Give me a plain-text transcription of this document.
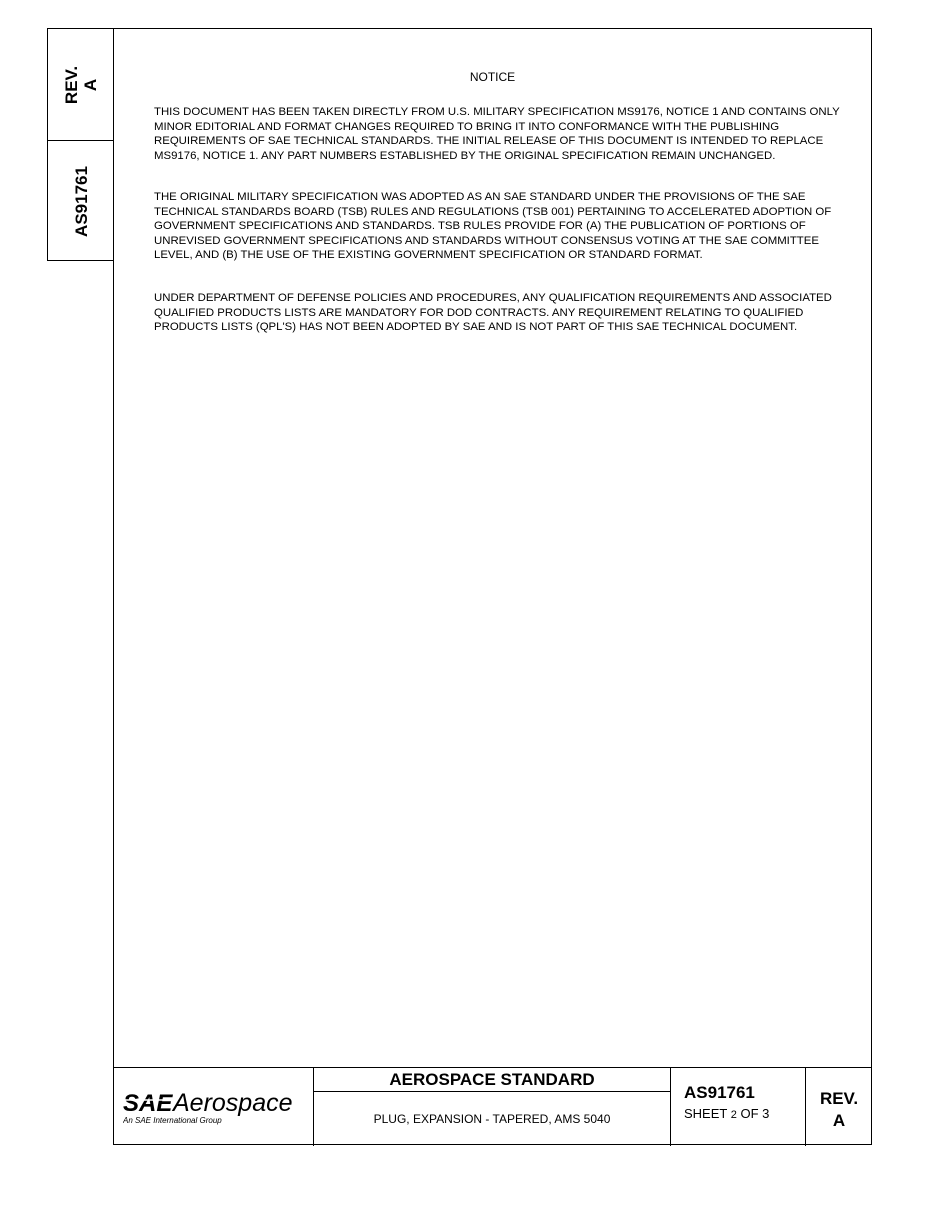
REV. A
AS91761
NOTICE

THIS DOCUMENT HAS BEEN TAKEN DIRECTLY FROM U.S. MILITARY SPECIFICATION MS9176, NOTICE 1 AND CONTAINS ONLY MINOR EDITORIAL AND FORMAT CHANGES REQUIRED TO BRING IT INTO CONFORMANCE WITH THE PUBLISHING REQUIREMENTS OF SAE TECHNICAL STANDARDS. THE INITIAL RELEASE OF THIS DOCUMENT IS INTENDED TO REPLACE MS9176, NOTICE 1. ANY PART NUMBERS ESTABLISHED BY THE ORIGINAL SPECIFICATION REMAIN UNCHANGED.

THE ORIGINAL MILITARY SPECIFICATION WAS ADOPTED AS AN SAE STANDARD UNDER THE PROVISIONS OF THE SAE TECHNICAL STANDARDS BOARD (TSB) RULES AND REGULATIONS (TSB 001) PERTAINING TO ACCELERATED ADOPTION OF GOVERNMENT SPECIFICATIONS AND STANDARDS. TSB RULES PROVIDE FOR (A) THE PUBLICATION OF PORTIONS OF UNREVISED GOVERNMENT SPECIFICATIONS AND STANDARDS WITHOUT CONSENSUS VOTING AT THE SAE COMMITTEE LEVEL, AND (B) THE USE OF THE EXISTING GOVERNMENT SPECIFICATION OR STANDARD FORMAT.

UNDER DEPARTMENT OF DEFENSE POLICIES AND PROCEDURES, ANY QUALIFICATION REQUIREMENTS AND ASSOCIATED QUALIFIED PRODUCTS LISTS ARE MANDATORY FOR DOD CONTRACTS. ANY REQUIREMENT RELATING TO QUALIFIED PRODUCTS LISTS (QPL'S) HAS NOT BEEN ADOPTED BY SAE AND IS NOT PART OF THIS SAE TECHNICAL DOCUMENT.

SAE Aerospace
An SAE International Group
AEROSPACE STANDARD
PLUG, EXPANSION - TAPERED, AMS 5040
AS91761
SHEET 2 OF 3
REV.
A
